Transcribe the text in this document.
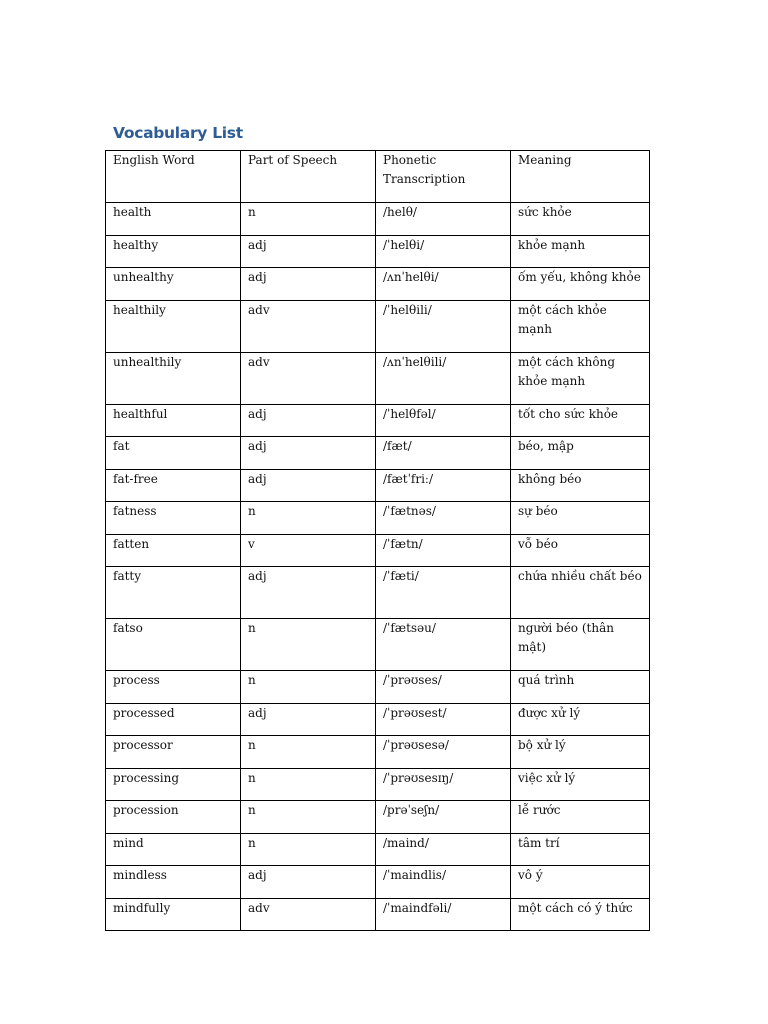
Vocabulary List
English Word	Part of Speech	Phonetic Transcription	Meaning
health	n	/helθ/	sức khỏe
healthy	adj	/ˈhelθi/	khỏe mạnh
unhealthy	adj	/ʌnˈhelθi/	ốm yếu, không khỏe
healthily	adv	/ˈhelθili/	một cách khỏe mạnh
unhealthily	adv	/ʌnˈhelθili/	một cách không khỏe mạnh
healthful	adj	/ˈhelθfəl/	tốt cho sức khỏe
fat	adj	/fæt/	béo, mập
fat-free	adj	/fætˈfriː/	không béo
fatness	n	/ˈfætnəs/	sự béo
fatten	v	/ˈfætn/	vỗ béo
fatty	adj	/ˈfæti/	chứa nhiều chất béo
fatso	n	/ˈfætsəu/	người béo (thân mật)
process	n	/ˈprəʊses/	quá trình
processed	adj	/ˈprəʊsest/	được xử lý
processor	n	/ˈprəʊsesə/	bộ xử lý
processing	n	/ˈprəʊsesɪŋ/	việc xử lý
procession	n	/prəˈseʃn/	lễ rước
mind	n	/maind/	tâm trí
mindless	adj	/ˈmaindlis/	vô ý
mindfully	adv	/ˈmaindfəli/	một cách có ý thức
